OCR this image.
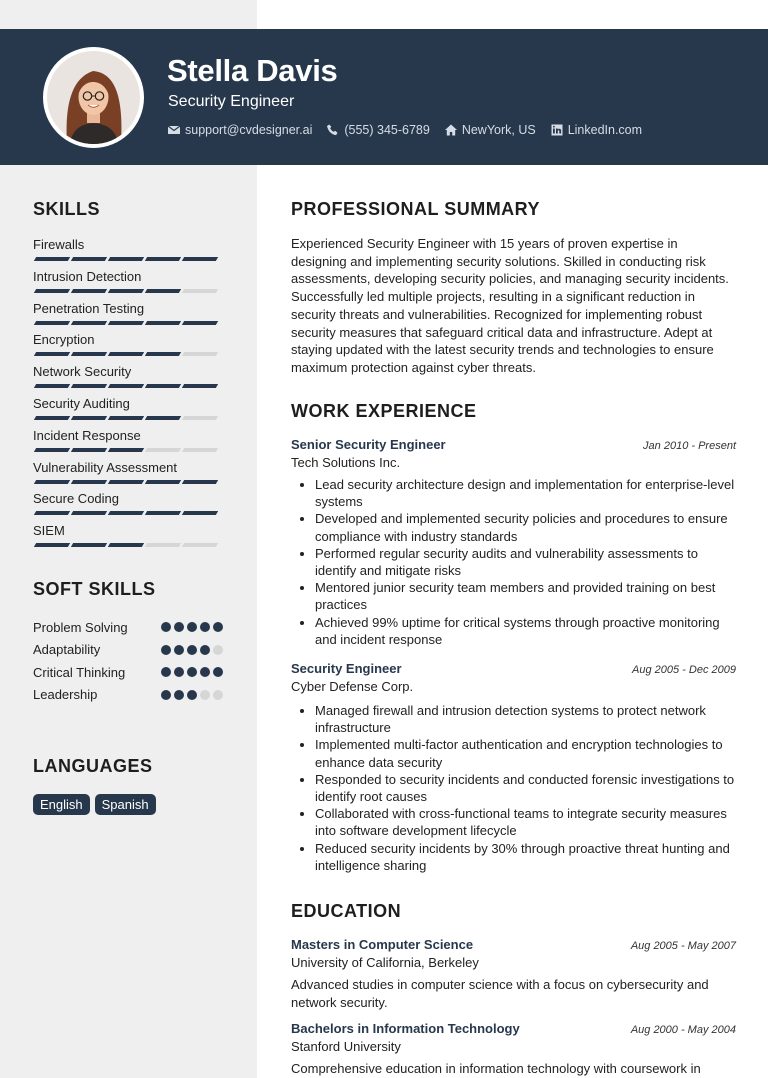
Stella Davis
Security Engineer
support@cvdesigner.ai	(555) 345-6789	NewYork, US	LinkedIn.com
SKILLS
Firewalls
Intrusion Detection
Penetration Testing
Encryption
Network Security
Security Auditing
Incident Response
Vulnerability Assessment
Secure Coding
SIEM
SOFT SKILLS
Problem Solving
Adaptability
Critical Thinking
Leadership
LANGUAGES
English	Spanish
PROFESSIONAL SUMMARY
Experienced Security Engineer with 15 years of proven expertise in designing and implementing security solutions. Skilled in conducting risk assessments, developing security policies, and managing security incidents. Successfully led multiple projects, resulting in a significant reduction in security threats and vulnerabilities. Recognized for implementing robust security measures that safeguard critical data and infrastructure. Adept at staying updated with the latest security trends and technologies to ensure maximum protection against cyber threats.
WORK EXPERIENCE
Senior Security Engineer	Jan 2010 - Present
Tech Solutions Inc.
Lead security architecture design and implementation for enterprise-level systems
Developed and implemented security policies and procedures to ensure compliance with industry standards
Performed regular security audits and vulnerability assessments to identify and mitigate risks
Mentored junior security team members and provided training on best practices
Achieved 99% uptime for critical systems through proactive monitoring and incident response
Security Engineer	Aug 2005 - Dec 2009
Cyber Defense Corp.
Managed firewall and intrusion detection systems to protect network infrastructure
Implemented multi-factor authentication and encryption technologies to enhance data security
Responded to security incidents and conducted forensic investigations to identify root causes
Collaborated with cross-functional teams to integrate security measures into software development lifecycle
Reduced security incidents by 30% through proactive threat hunting and intelligence sharing
EDUCATION
Masters in Computer Science	Aug 2005 - May 2007
University of California, Berkeley
Advanced studies in computer science with a focus on cybersecurity and network security.
Bachelors in Information Technology	Aug 2000 - May 2004
Stanford University
Comprehensive education in information technology with coursework in
